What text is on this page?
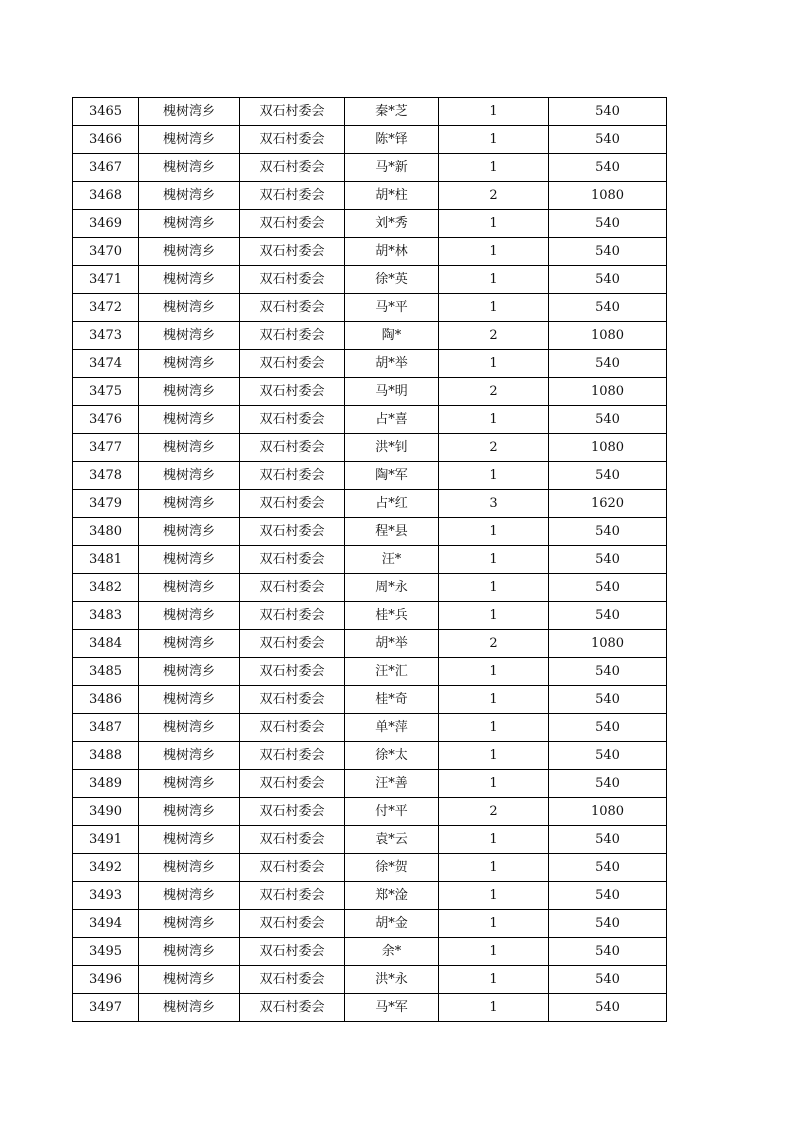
3465	槐树湾乡	双石村委会	秦*芝	1	540
3466	槐树湾乡	双石村委会	陈*铎	1	540
3467	槐树湾乡	双石村委会	马*新	1	540
3468	槐树湾乡	双石村委会	胡*柱	2	1080
3469	槐树湾乡	双石村委会	刘*秀	1	540
3470	槐树湾乡	双石村委会	胡*林	1	540
3471	槐树湾乡	双石村委会	徐*英	1	540
3472	槐树湾乡	双石村委会	马*平	1	540
3473	槐树湾乡	双石村委会	陶*	2	1080
3474	槐树湾乡	双石村委会	胡*举	1	540
3475	槐树湾乡	双石村委会	马*明	2	1080
3476	槐树湾乡	双石村委会	占*喜	1	540
3477	槐树湾乡	双石村委会	洪*钊	2	1080
3478	槐树湾乡	双石村委会	陶*军	1	540
3479	槐树湾乡	双石村委会	占*红	3	1620
3480	槐树湾乡	双石村委会	程*县	1	540
3481	槐树湾乡	双石村委会	汪*	1	540
3482	槐树湾乡	双石村委会	周*永	1	540
3483	槐树湾乡	双石村委会	桂*兵	1	540
3484	槐树湾乡	双石村委会	胡*举	2	1080
3485	槐树湾乡	双石村委会	汪*汇	1	540
3486	槐树湾乡	双石村委会	桂*奇	1	540
3487	槐树湾乡	双石村委会	单*萍	1	540
3488	槐树湾乡	双石村委会	徐*太	1	540
3489	槐树湾乡	双石村委会	汪*善	1	540
3490	槐树湾乡	双石村委会	付*平	2	1080
3491	槐树湾乡	双石村委会	袁*云	1	540
3492	槐树湾乡	双石村委会	徐*贺	1	540
3493	槐树湾乡	双石村委会	郑*淦	1	540
3494	槐树湾乡	双石村委会	胡*金	1	540
3495	槐树湾乡	双石村委会	余*	1	540
3496	槐树湾乡	双石村委会	洪*永	1	540
3497	槐树湾乡	双石村委会	马*军	1	540
